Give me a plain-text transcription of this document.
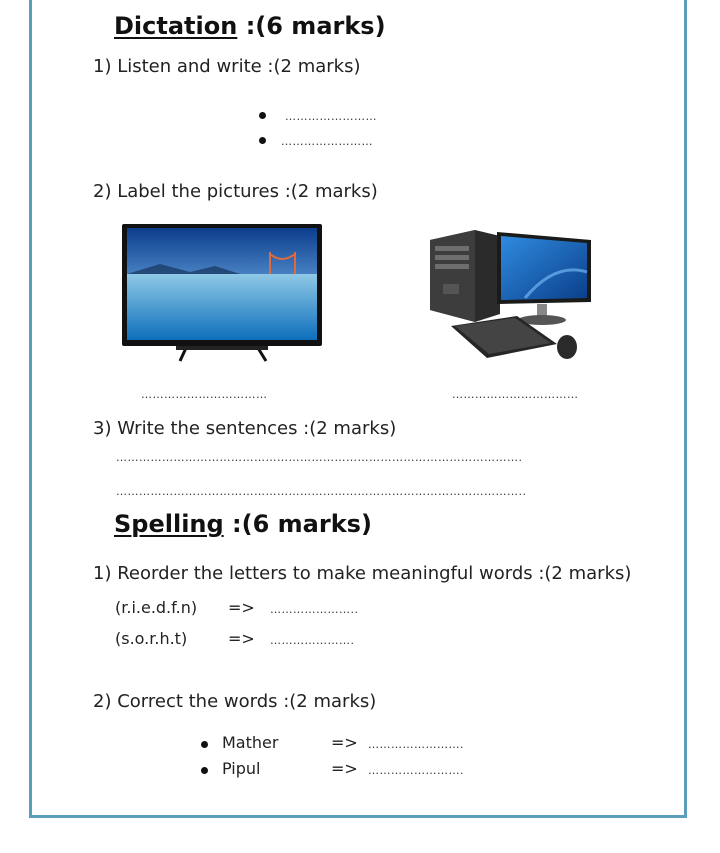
Dictation :(6 marks)
1) Listen and write :(2 marks)
……………………
……………………
2) Label the pictures :(2 marks)
……………………………	……………………………
3) Write the sentences :(2 marks)
…………………………………………………………………………………………….
……………………………………………………………………………………………..
Spelling :(6 marks)
1) Reorder the letters to make meaningful words :(2 marks)
(r.i.e.d.f.n) => …………………..
(s.o.r.h.t)	=> ………………….
2) Correct the words :(2 marks)
Mather	=> …………………….
Pipul	=> …………………….
